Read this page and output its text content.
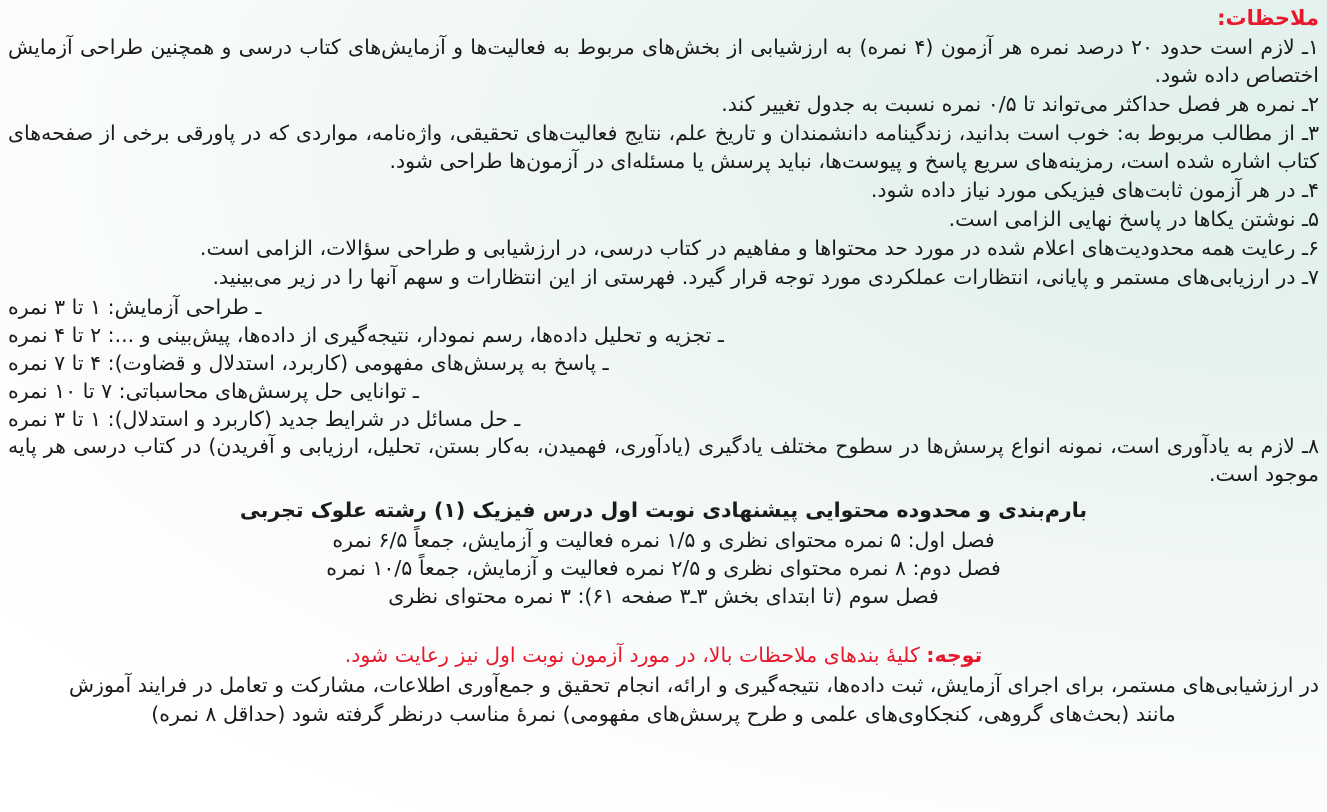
ملاحظات:
۱ـ لازم است حدود ۲۰ درصد نمره هر آزمون (۴ نمره) به ارزشیابی از بخش‌های مربوط به فعالیت‌ها و آزمایش‌های کتاب درسی و همچنین طراحی آزمایش اختصاص داده شود.
۲ـ نمره هر فصل حداکثر می‌تواند تا ۰/۵ نمره نسبت به جدول تغییر کند.
۳ـ از مطالب مربوط به: خوب است بدانید، زندگینامه دانشمندان و تاریخ علم، نتایج فعالیت‌های تحقیقی، واژه‌نامه، مواردی که در پاورقی برخی از صفحه‌های کتاب اشاره شده است، رمزینه‌های سریع پاسخ و پیوست‌ها، نباید پرسش یا مسئله‌ای در آزمون‌ها طراحی شود.
۴ـ در هر آزمون ثابت‌های فیزیکی مورد نیاز داده شود.
۵ـ نوشتن یکاها در پاسخ نهایی الزامی است.
۶ـ رعایت همه محدودیت‌های اعلام شده در مورد حد محتواها و مفاهیم در کتاب درسی، در ارزشیابی و طراحی سؤالات، الزامی است.
۷ـ در ارزیابی‌های مستمر و پایانی، انتظارات عملکردی مورد توجه قرار گیرد. فهرستی از این انتظارات و سهم آنها را در زیر می‌بینید.
ـ طراحی آزمایش: ۱ تا ۳ نمره
ـ تجزیه و تحلیل داده‌ها، رسم نمودار، نتیجه‌گیری از داده‌ها، پیش‌بینی و ...: ۲ تا ۴ نمره
ـ پاسخ به پرسش‌های مفهومی (کاربرد، استدلال و قضاوت): ۴ تا ۷ نمره
ـ توانایی حل پرسش‌های محاسباتی: ۷ تا ۱۰ نمره
ـ حل مسائل در شرایط جدید (کاربرد و استدلال): ۱ تا ۳ نمره

۸ـ لازم به یادآوری است، نمونه انواع پرسش‌ها در سطوح مختلف یادگیری (یادآوری، فهمیدن، به‌کار بستن، تحلیل، ارزیابی و آفریدن) در کتاب درسی هر پایه موجود است.

بارم‌بندی و محدوده محتوایی پیشنهادی نوبت اول درس فیزیک (۱) رشته علوک تجربی
فصل اول: ۵ نمره محتوای نظری و ۱/۵ نمره فعالیت و آزمایش، جمعاً ۶/۵ نمره
فصل دوم: ۸ نمره محتوای نظری و ۲/۵ نمره فعالیت و آزمایش، جمعاً ۱۰/۵ نمره
فصل سوم (تا ابتدای بخش ۳ـ۳ صفحه ۶۱): ۳ نمره محتوای نظری

توجه: کلیهٔ بندهای ملاحظات بالا، در مورد آزمون نوبت اول نیز رعایت شود.

در ارزشیابی‌های مستمر، برای اجرای آزمایش، ثبت داده‌ها، نتیجه‌گیری و ارائه، انجام تحقیق و جمع‌آوری اطلاعات، مشارکت و تعامل در فرایند آموزش

مانند (بحث‌های گروهی، کنجکاوی‌های علمی و طرح پرسش‌های مفهومی) نمرهٔ مناسب درنظر گرفته شود (حداقل ۸ نمره)
